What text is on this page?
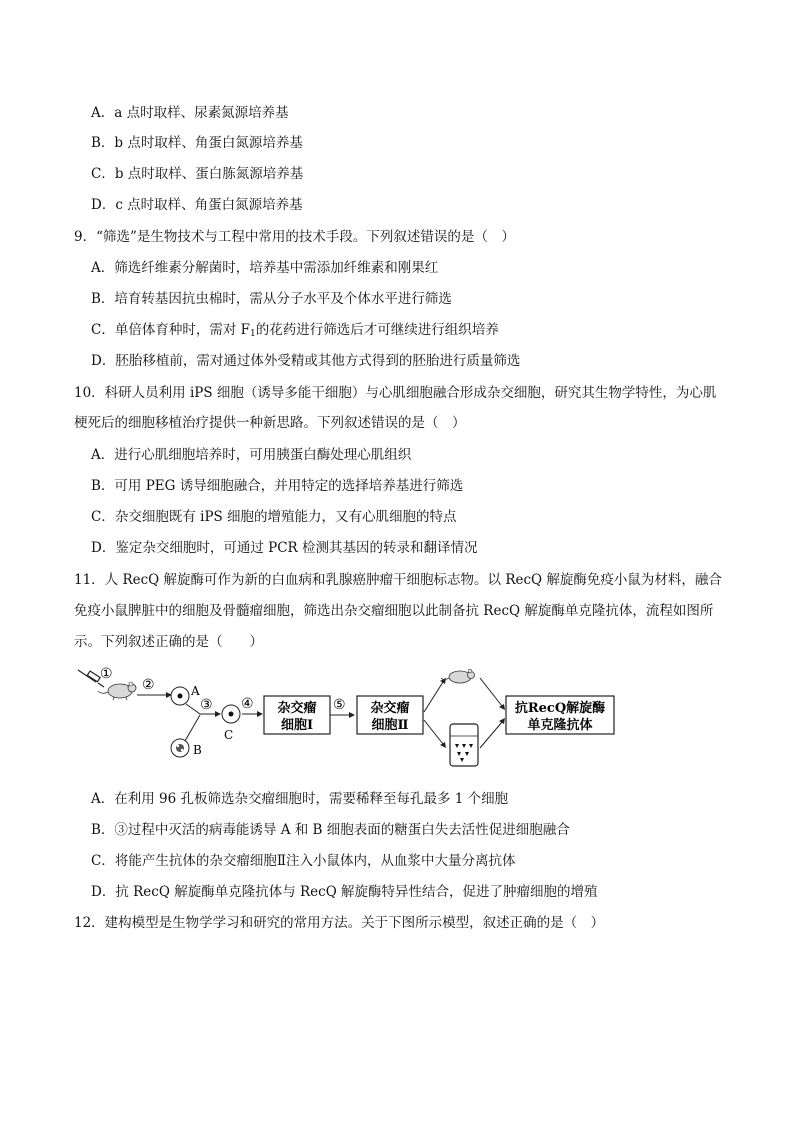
A．a 点时取样、尿素氮源培养基
B．b 点时取样、角蛋白氮源培养基
C．b 点时取样、蛋白胨氮源培养基
D．c 点时取样、角蛋白氮源培养基
9．“筛选”是生物技术与工程中常用的技术手段。下列叙述错误的是（　）
A．筛选纤维素分解菌时，培养基中需添加纤维素和刚果红
B．培育转基因抗虫棉时，需从分子水平及个体水平进行筛选
C．单倍体育种时，需对 $F_1$的花药进行筛选后才可继续进行组织培养
D．胚胎移植前，需对通过体外受精或其他方式得到的胚胎进行质量筛选
10．科研人员利用 iPS 细胞（诱导多能干细胞）与心肌细胞融合形成杂交细胞，研究其生物学特性，为心肌
梗死后的细胞移植治疗提供一种新思路。下列叙述错误的是（　）
A．进行心肌细胞培养时，可用胰蛋白酶处理心肌组织
B．可用 PEG 诱导细胞融合，并用特定的选择培养基进行筛选
C．杂交细胞既有 iPS 细胞的增殖能力，又有心肌细胞的特点
D．鉴定杂交细胞时，可通过 PCR 检测其基因的转录和翻译情况
11．人 RecQ 解旋酶可作为新的白血病和乳腺癌肿瘤干细胞标志物。以 RecQ 解旋酶免疫小鼠为材料，融合
免疫小鼠脾脏中的细胞及骨髓瘤细胞，筛选出杂交瘤细胞以此制备抗 RecQ 解旋酶单克隆抗体，流程如图所
示。下列叙述正确的是（　　）
①
②	A
B
③
C
④ 杂交瘤
细胞Ⅰ
⑤ 杂交瘤
细胞Ⅱ
抗RecQ解旋酶
单克隆抗体
A．在利用 96 孔板筛选杂交瘤细胞时，需要稀释至每孔最多 1 个细胞
B．③过程中灭活的病毒能诱导 A 和 B 细胞表面的糖蛋白失去活性促进细胞融合
C．将能产生抗体的杂交瘤细胞Ⅱ注入小鼠体内，从血浆中大量分离抗体
D．抗 RecQ 解旋酶单克隆抗体与 RecQ 解旋酶特异性结合，促进了肿瘤细胞的增殖
12．建构模型是生物学学习和研究的常用方法。关于下图所示模型，叙述正确的是（　）
